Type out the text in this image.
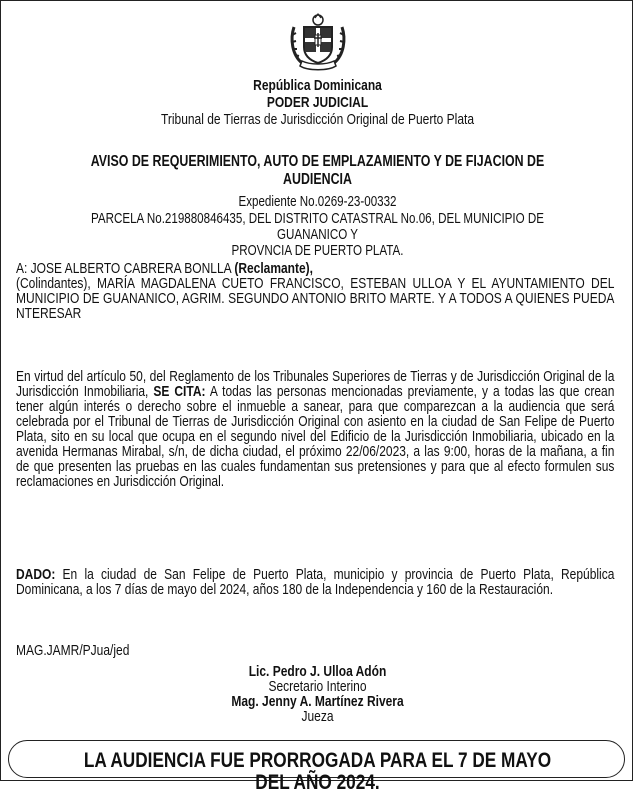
República Dominicana
PODER JUDICIAL
Tribunal de Tierras de Jurisdicción Original de Puerto Plata
AVISO DE REQUERIMIENTO, AUTO DE EMPLAZAMIENTO Y DE FIJACION DE AUDIENCIA
Expediente No.0269-23-00332
PARCELA No.219880846435, DEL DISTRITO CATASTRAL No.06, DEL MUNICIPIO DE GUANANICO Y
PROVNCIA DE PUERTO PLATA.
A: JOSE ALBERTO CABRERA BONLLA (Reclamante),
(Colindantes), MARÍA MAGDALENA CUETO FRANCISCO, ESTEBAN ULLOA Y EL AYUNTAMIENTO DEL MUNICIPIO DE GUANANICO, AGRIM. SEGUNDO ANTONIO BRITO MARTE. Y A TODOS A QUIENES PUEDA NTERESAR
En virtud del artículo 50, del Reglamento de los Tribunales Superiores de Tierras y de Jurisdicción Original de la Jurisdicción Inmobiliaria, SE CITA: A todas las personas mencionadas previamente, y a todas las que crean tener algún interés o derecho sobre el inmueble a sanear, para que comparezcan a la audiencia que será celebrada por el Tribunal de Tierras de Jurisdicción Original con asiento en la ciudad de San Felipe de Puerto Plata, sito en su local que ocupa en el segundo nivel del Edificio de la Jurisdicción Inmobiliaria, ubicado en la avenida Hermanas Mirabal, s/n, de dicha ciudad, el próximo 22/06/2023, a las 9:00, horas de la mañana, a fin de que presenten las pruebas en las cuales fundamentan sus pretensiones y para que al efecto formulen sus reclamaciones en Jurisdicción Original.
DADO: En la ciudad de San Felipe de Puerto Plata, municipio y provincia de Puerto Plata, República Dominicana, a los 7 días de mayo del 2024, años 180 de la Independencia y 160 de la Restauración.
MAG.JAMR/PJua/jed
Lic. Pedro J. Ulloa Adón
Secretario Interino
Mag. Jenny A. Martínez Rivera
Jueza
LA AUDIENCIA FUE PRORROGADA PARA EL 7 DE MAYO DEL AÑO 2024.
